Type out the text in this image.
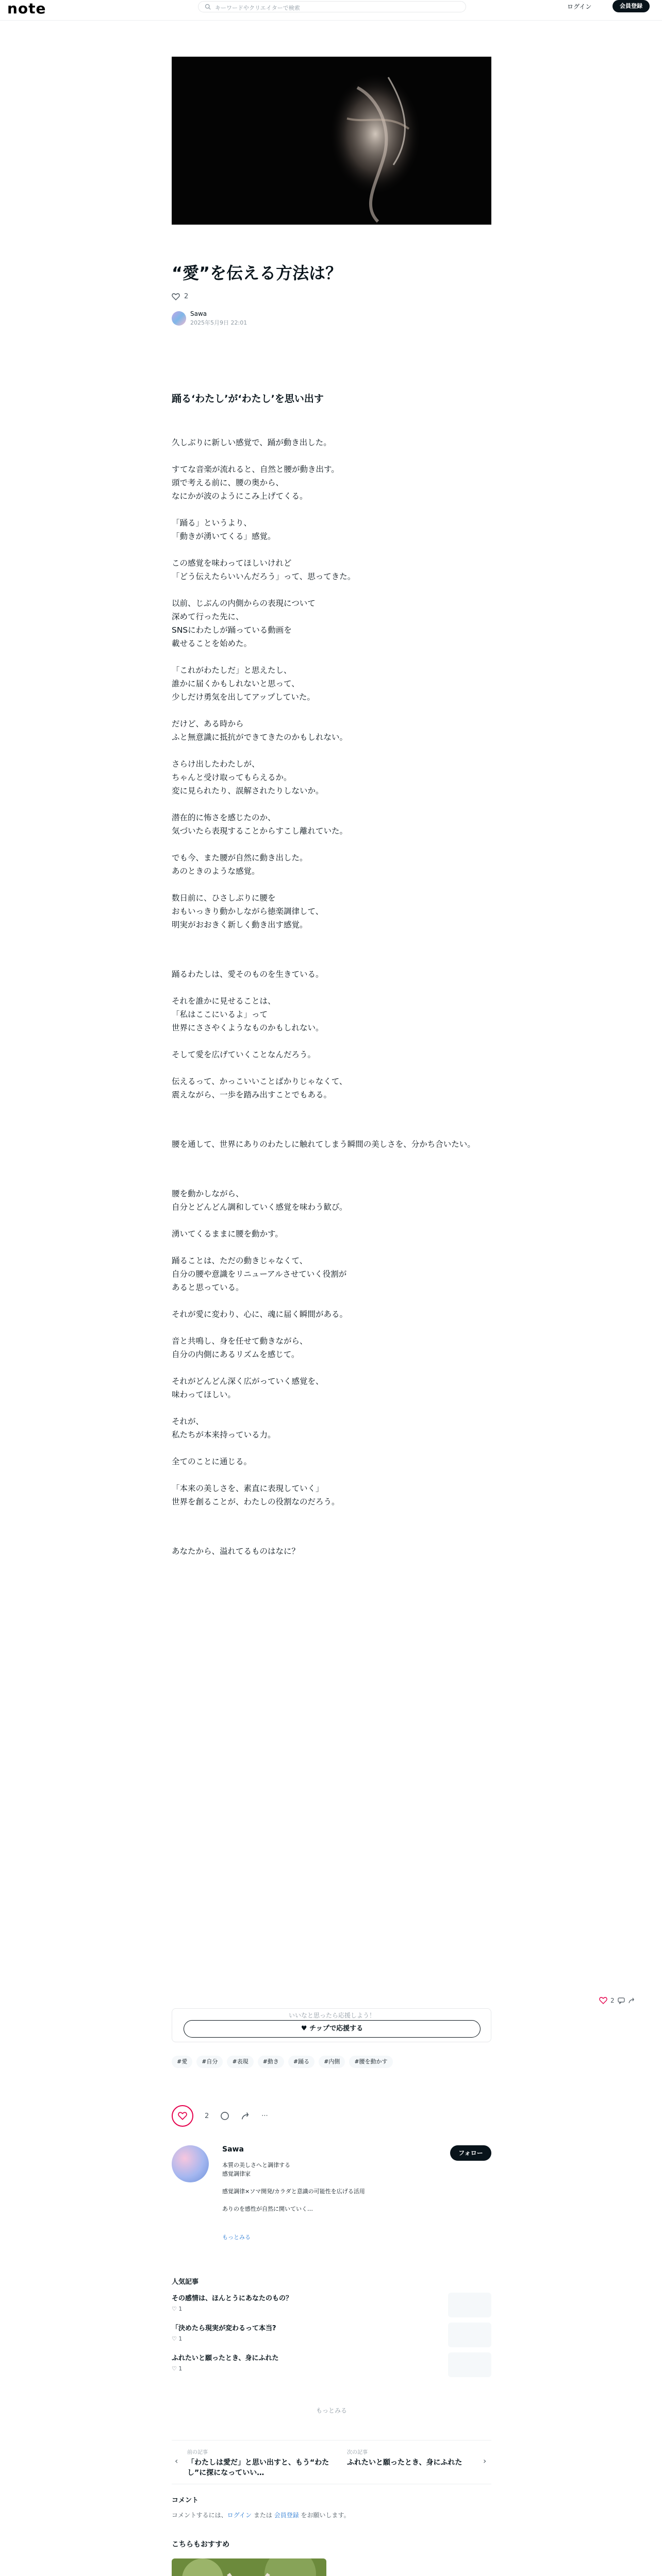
note	キーワードやクリエイターで検索	ログイン	会員登録
“愛”を伝える方法は？
2
Sawa
2025年5月9日 22:01
踊る‘わたし’が‘わたし’を思い出す

久しぶりに新しい感覚で、踊が動き出した。

すてな音楽が流れると、自然と腰が動き出す。
頭で考える前に、腰の奥から、
なにかが波のようにこみ上げてくる。

「踊る」というより、
「動きが湧いてくる」感覚。

この感覚を味わってほしいけれど
「どう伝えたらいいんだろう」って、思ってきた。

以前、じぶんの内側からの表現について
深めて行った先に、
SNSにわたしが踊っている動画を
載せることを始めた。

「これがわたしだ」と思えたし、
誰かに届くかもしれないと思って、
少しだけ勇気を出してアップしていた。

だけど、ある時から
ふと無意識に抵抗ができてきたのかもしれない。

さらけ出したわたしが、
ちゃんと受け取ってもらえるか。
変に見られたり、誤解されたりしないか。

潜在的に怖さを感じたのか、
気づいたら表現することからすこし離れていた。

でも今、また腰が自然に動き出した。
あのときのような感覚。

数日前に、ひさしぶりに腰を
おもいっきり動かしながら徳楽調律して、
明実がおおきく新しく動き出す感覚。

踊るわたしは、愛そのものを生きている。

それを誰かに見せることは、
「私はここにいるよ」って
世界にささやくようなものかもしれない。

そして愛を広げていくことなんだろう。

伝えるって、かっこいいことばかりじゃなくて、
震えながら、一歩を踏み出すことでもある。

腰を通して、世界にありのわたしに触れてしまう瞬間の美しさを、分かち合いたい。

腰を動かしながら、
自分とどんどん調和していく感覚を味わう歓び。

湧いてくるままに腰を動かす。

踊ることは、ただの動きじゃなくて、
自分の腰や意識をリニューアルさせていく役割が
あると思っている。

それが愛に変わり、心に、魂に届く瞬間がある。

音と共鳴し、身を任せて動きながら、
自分の内側にあるリズムを感じて。

それがどんどん深く広がっていく感覚を、
味わってほしい。

それが、
私たちが本来持っている力。

全てのことに通じる。

「本来の美しさを、素直に表現していく」
世界を創ることが、わたしの役割なのだろう。

あなたから、溢れてるものはなに？

2
いいなと思ったら応援しよう！
♥ チップで応援する
#愛	#自分	#表現	#動き	#踊る	#内側	#腰を動かす
2	···
Sawa	フォロー
本質の美しさへと調律する
感覚調律家

感覚調律×ソマ開発/カラダと意識の可能性を広げる活用

ありのを感性が自然に開いていく…
もっとみる
人気記事
その感情は、ほんとうにあなたのもの？
♡ 1
「決めたら現実が変わるって本当?
♡ 1
ふれたいと願ったとき、身にふれた
♡ 1
もっとみる
‹
前の記事
「わたしは愛だ」と思い出すと、もう“わたし”に探になっていい…
次の記事
ふれたいと願ったとき、身にふれた	›
コメント
コメントするには、ログイン または 会員登録 をお願いします。
こちらもおすすめ
